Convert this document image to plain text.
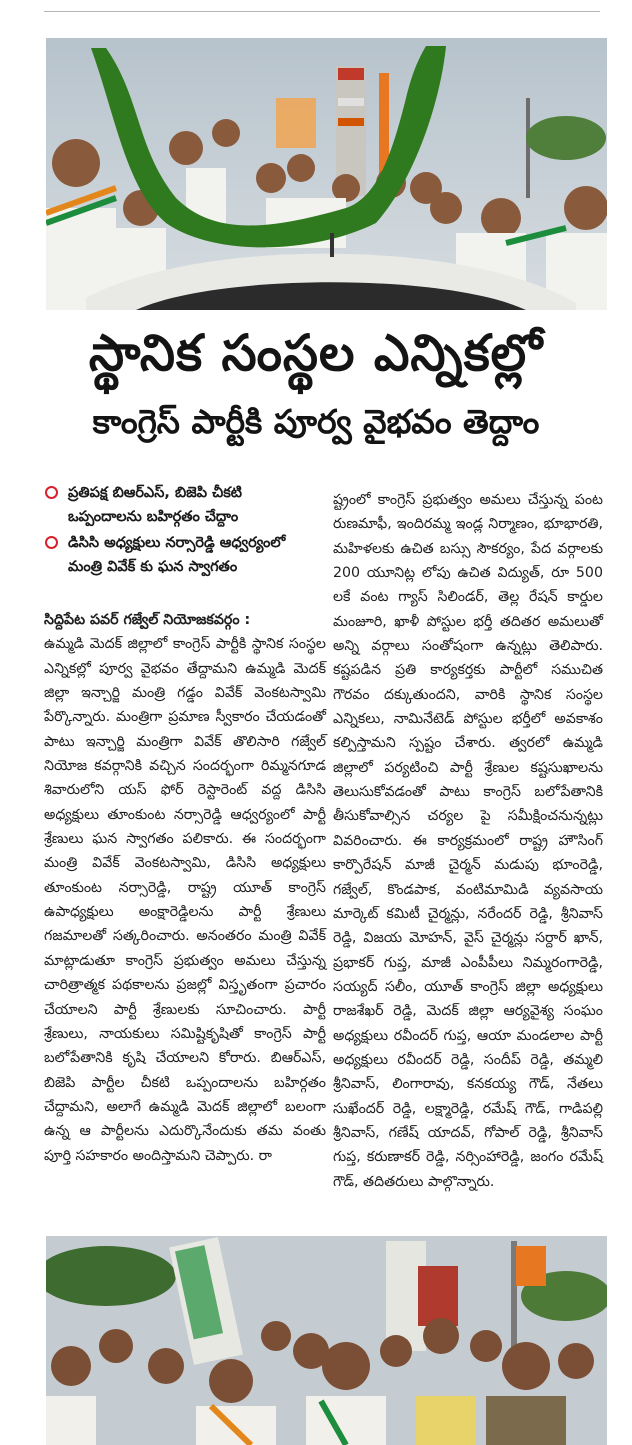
స్థానిక సంస్థల ఎన్నికల్లో
కాంగ్రెస్ పార్టీకి పూర్వ వైభవం తెద్దాం
ప్రతిపక్ష బిఆర్ఎస్, బిజెపి చీకటి ఒప్పందాలను బహిర్గతం చేద్దాం
డిసిసి అధ్యక్షులు నర్సారెడ్డి ఆధ్వర్యంలో మంత్రి వివేక్ కు ఘన స్వాగతం
సిద్దిపేట పవర్ గజ్వేల్ నియోజకవర్గం :
ఉమ్మడి మెదక్ జిల్లాలో కాంగ్రెస్ పార్టీకి స్థానిక సంస్థల ఎన్నికల్లో పూర్వ వైభవం తేద్దామని ఉమ్మడి మెదక్ జిల్లా ఇన్చార్జి మంత్రి గడ్డం వివేక్ వెంకటస్వామి పేర్కొన్నారు. మంత్రిగా ప్రమాణ స్వీకారం చేయడంతో పాటు ఇన్చార్జి మంత్రిగా వివేక్ తొలిసారి గజ్వేల్ నియోజ కవర్గానికి వచ్చిన సందర్భంగా రిమ్మనగూడ శివారులోని యస్ ఫోర్ రెస్టారెంట్ వద్ద డిసిసి అధ్యక్షులు తూంకుంట నర్సారెడ్డి ఆధ్వర్యంలో పార్టీ శ్రేణులు ఘన స్వాగతం పలికారు. ఈ సందర్భంగా మంత్రి వివేక్ వెంకటస్వామి, డిసిసి అధ్యక్షులు తూంకుంట నర్సారెడ్డి, రాష్ట్ర యూత్ కాంగ్రెస్ ఉపాధ్యక్షులు అంక్షారెడ్డిలను పార్టీ శ్రేణులు గజమాలతో సత్కరించారు. అనంతరం మంత్రి వివేక్ మాట్లాడుతూ కాంగ్రెస్ ప్రభుత్వం అమలు చేస్తున్న చారిత్రాత్మక పథకాలను ప్రజల్లో విస్తృతంగా ప్రచారం చేయాలని పార్టీ శ్రేణులకు సూచించారు. పార్టీ శ్రేణులు, నాయకులు సమిష్టికృషితో కాంగ్రెస్ పార్టీ బలోపేతానికి కృషి చేయాలని కోరారు. బిఆర్ఎస్, బిజెపి పార్టీల చీకటి ఒప్పందాలను బహిర్గతం చేద్దామని, అలాగే ఉమ్మడి మెదక్ జిల్లాలో బలంగా ఉన్న ఆ పార్టీలను ఎదుర్కొనేందుకు తమ వంతు పూర్తి సహకారం అందిస్తామని చెప్పారు. రా
ష్ట్రంలో కాంగ్రెస్ ప్రభుత్వం అమలు చేస్తున్న పంట రుణమాఫీ, ఇందిరమ్మ ఇండ్ల నిర్మాణం, భూభారతి, మహిళలకు ఉచిత బస్సు సౌకర్యం, పేద వర్గాలకు 200 యూనిట్ల లోపు ఉచిత విద్యుత్, రూ 500 లకే వంట గ్యాస్ సిలిండర్, తెల్ల రేషన్ కార్డుల మంజూరి, ఖాళీ పోస్టుల భర్తీ తదితర అమలుతో అన్ని వర్గాలు సంతోషంగా ఉన్నట్లు తెలిపారు. కష్టపడిన ప్రతి కార్యకర్తకు పార్టీలో సముచిత గౌరవం దక్కుతుందని, వారికి స్థానిక సంస్థల ఎన్నికలు, నామినేటెడ్ పోస్టుల భర్తీలో అవకాశం కల్పిస్తామని స్పష్టం చేశారు. త్వరలో ఉమ్మడి జిల్లాలో పర్యటించి పార్టీ శ్రేణుల కష్టసుఖాలను తెలుసుకోవడంతో పాటు కాంగ్రెస్ బలోపేతానికి తీసుకోవాల్సిన చర్యల పై సమీక్షించనున్నట్లు వివరించారు. ఈ కార్యక్రమంలో రాష్ట్ర హౌసింగ్ కార్పొరేషన్ మాజీ చైర్మన్ మడుపు భూంరెడ్డి, గజ్వేల్, కొండపాక, వంటిమామిడి వ్యవసాయ మార్కెట్ కమిటీ చైర్మన్లు, నరేందర్ రెడ్డి, శ్రీనివాస్ రెడ్డి, విజయ మోహన్, వైస్ చైర్మన్లు సర్దార్ ఖాన్, ప్రభాకర్ గుప్త, మాజీ ఎంపీపీలు నిమ్మరంగారెడ్డి, సయ్యద్ సలీం, యూత్ కాంగ్రెస్ జిల్లా అధ్యక్షులు రాజశేఖర్ రెడ్డి, మెదక్ జిల్లా ఆర్యవైశ్య సంఘం అధ్యక్షులు రవీందర్ గుప్త, ఆయా మండలాల పార్టీ అధ్యక్షులు రవీందర్ రెడ్డి, సందీప్ రెడ్డి, తమ్మలి శ్రీనివాస్, లింగారావు, కనకయ్య గౌడ్, నేతలు సుఖేందర్ రెడ్డి, లక్ష్మారెడ్డి, రమేష్ గౌడ్, గాడిపల్లి శ్రీనివాస్, గణేష్ యాదవ్, గోపాల్ రెడ్డి, శ్రీనివాస్ గుప్త, కరుణాకర్ రెడ్డి, నర్సింహారెడ్డి, జంగం రమేష్ గౌడ్, తదితరులు పాల్గొన్నారు.
